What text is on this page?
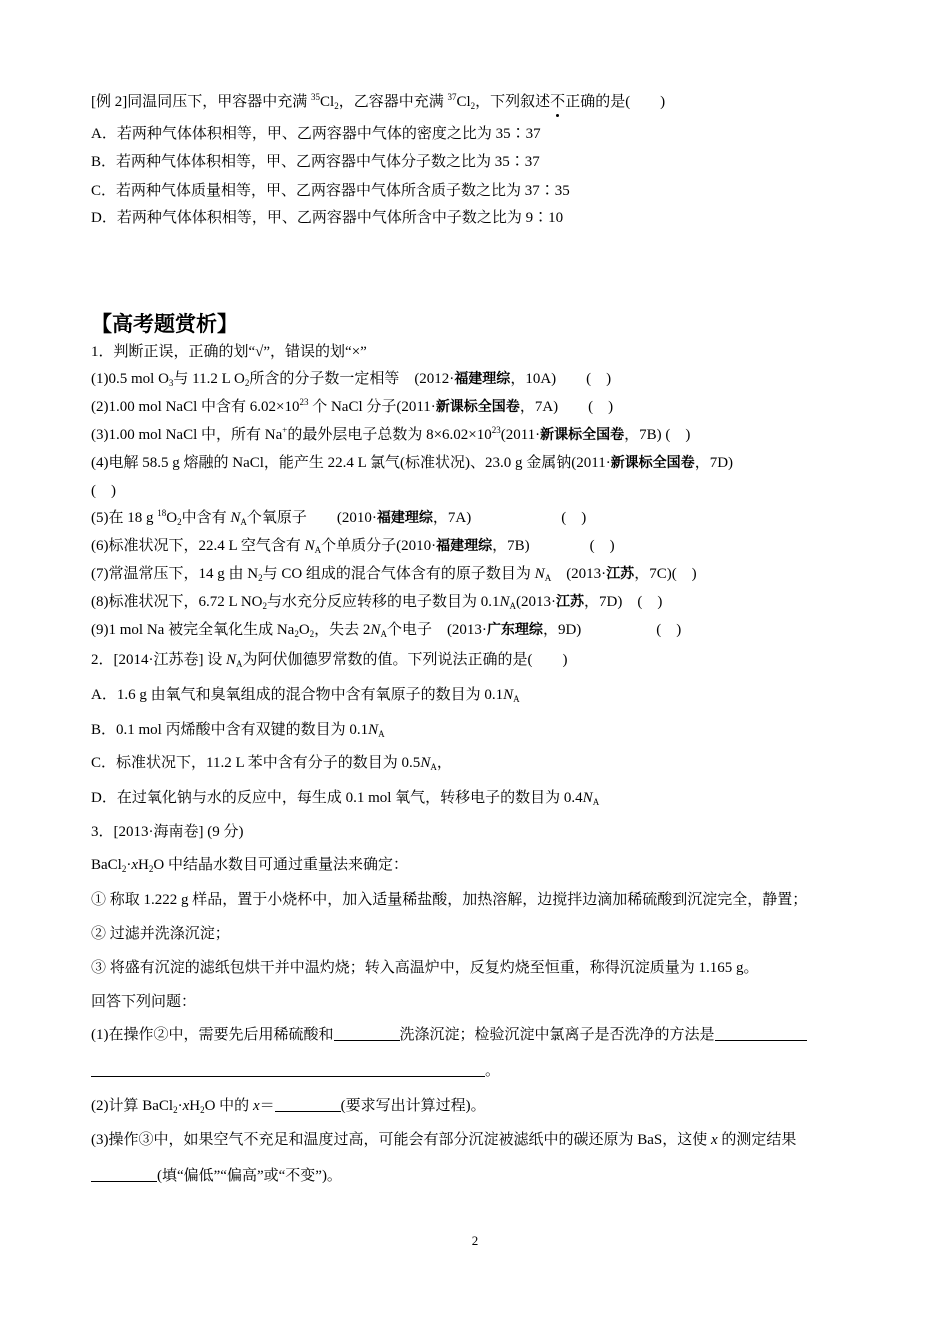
[例 2]同温同压下，甲容器中充满 $^{35}Cl_2$，乙容器中充满 $^{37}Cl_2$，下列叙述不正确的是(　　)
A．若两种气体体积相等，甲、乙两容器中气体的密度之比为 35∶37
B．若两种气体体积相等，甲、乙两容器中气体分子数之比为 35∶37
C．若两种气体质量相等，甲、乙两容器中气体所含质子数之比为 37∶35
D．若两种气体体积相等，甲、乙两容器中气体所含中子数之比为 9∶10
【高考题赏析】
1．判断正误，正确的划“√”，错误的划“×”
(1)0.5 mol $O_3$与 11.2 L $O_2$所含的分子数一定相等　(2012·福建理综，10A)　　(　)
(2)1.00 mol NaCl 中含有 $6.02\times 10^{23}$ 个 NaCl 分子(2011·新课标全国卷，7A)　　(　)
(3)1.00 mol NaCl 中，所有 Na+的最外层电子总数为 $8\times 6.02\times 10^{23}(2011\cdot$新课标全国卷，7B) (　)
(4)电解 58.5 g 熔融的 NaCl，能产生 22.4 L 氯气(标准状况)、23.0 g 金属钠(2011·新课标全国卷，7D)
(　)
(5)在 18 g $^{18}O_2$中含有 $N_A$个氧原子　　(2010·福建理综，7A)　　　　　　(　)
(6)标准状况下，22.4 L 空气含有 $N_A$个单质分子(2010·福建理综，7B)　　　　(　)
(7)常温常压下，14 g 由 $N_2$与 CO 组成的混合气体含有的原子数目为 $N_A$　(2013·江苏，7C)(　)
(8)标准状况下，6.72 L $NO_2$与水充分反应转移的电子数目为 $0.1N_A(2013\cdot$江苏，7D)　(　)
(9)1 mol Na 被完全氧化生成 $Na_2O_2$，失去 $2N_A$个电子　(2013·广东理综，9D)　　　　　(　)
2．[2014·江苏卷] 设 $N_A$为阿伏伽德罗常数的值。下列说法正确的是(　　)
A．1.6 g 由氧气和臭氧组成的混合物中含有氧原子的数目为 $0.1N_A$
B．0.1 mol 丙烯酸中含有双键的数目为 $0.1N_A$
C．标准状况下，11.2 L 苯中含有分子的数目为 $0.5N_A$，
D．在过氧化钠与水的反应中，每生成 0.1 mol 氧气，转移电子的数目为 $0.4N_A$
3．[2013·海南卷] (9 分)
$BaCl_2\cdot xH_2O$ 中结晶水数目可通过重量法来确定：
① 称取 1.222 g 样品，置于小烧杯中，加入适量稀盐酸，加热溶解，边搅拌边滴加稀硫酸到沉淀完全，静置；
② 过滤并洗涤沉淀；
③ 将盛有沉淀的滤纸包烘干并中温灼烧；转入高温炉中，反复灼烧至恒重，称得沉淀质量为 1.165 g。
回答下列问题：
(1)在操作②中，需要先后用稀硫酸和	洗涤沉淀；检验沉淀中氯离子是否洗净的方法是
。
(2)计算 $BaCl_2\cdot xH_2O$ 中的 x＝	(要求写出计算过程)。
(3)操作③中，如果空气不充足和温度过高，可能会有部分沉淀被滤纸中的碳还原为 BaS，这使 x 的测定结果
(填“偏低”“偏高”或“不变”)。
2
